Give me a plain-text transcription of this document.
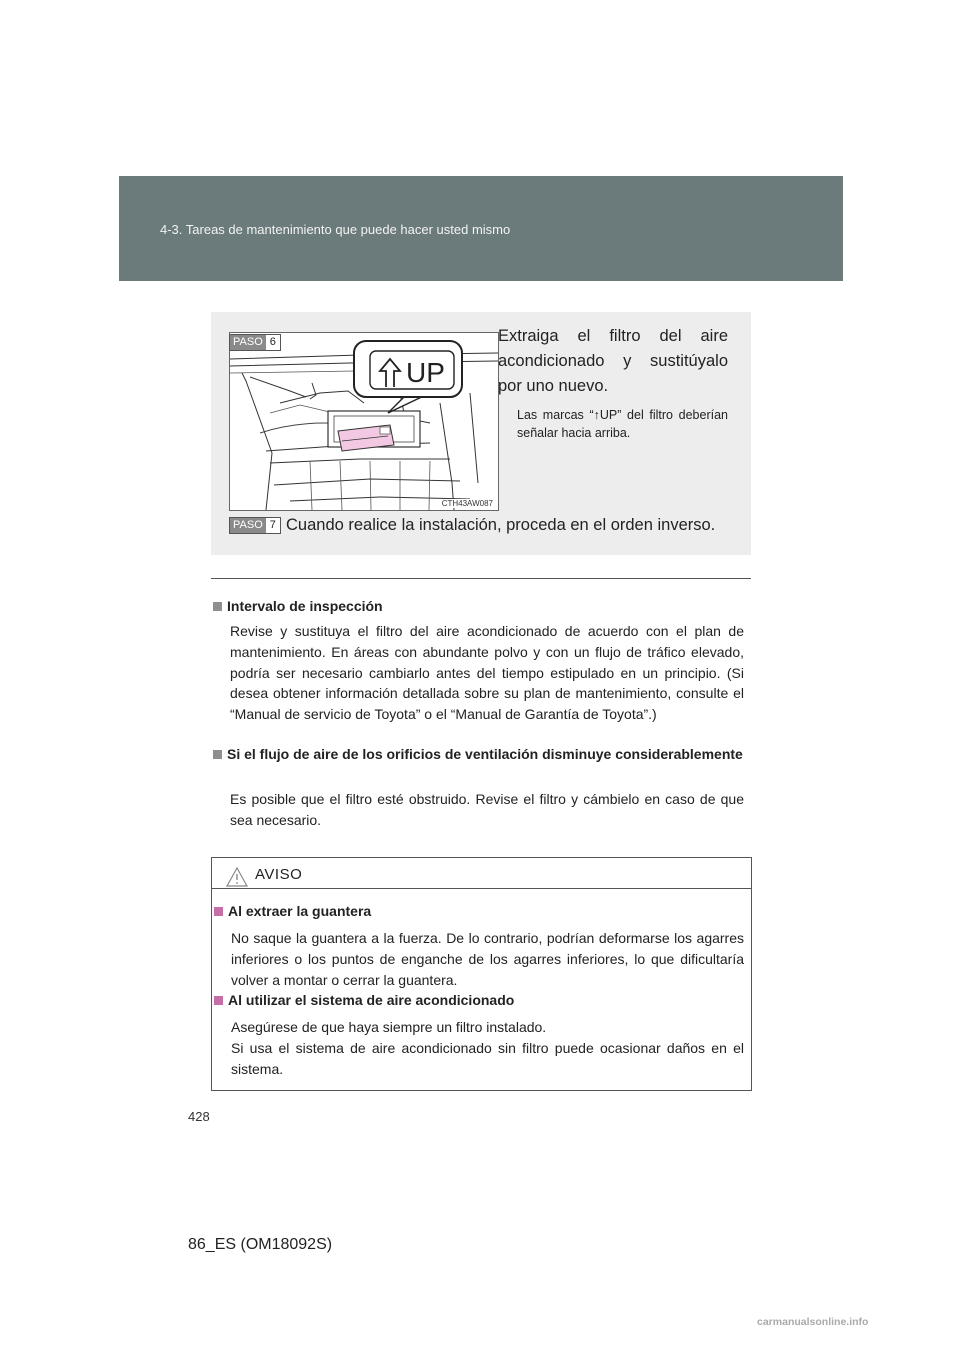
4-3. Tareas de mantenimiento que puede hacer usted mismo
UP
CTH43AW087
PASO 6	Extraiga el filtro del aire acondicionado y sustitúyalo por uno nuevo.
Las marcas “↑UP” del filtro deberían señalar hacia arriba.
PASO 7 Cuando realice la instalación, proceda en el orden inverso.
Intervalo de inspección
Revise y sustituya el filtro del aire acondicionado de acuerdo con el plan de mantenimiento. En áreas con abundante polvo y con un flujo de tráfico elevado, podría ser necesario cambiarlo antes del tiempo estipulado en un principio. (Si desea obtener información detallada sobre su plan de mantenimiento, consulte el “Manual de servicio de Toyota” o el “Manual de Garantía de Toyota”.)
Si el flujo de aire de los orificios de ventilación disminuye considerablemente
Es posible que el filtro esté obstruido. Revise el filtro y cámbielo en caso de que sea necesario.
AVISO
Al extraer la guantera
No saque la guantera a la fuerza. De lo contrario, podrían deformarse los agarres inferiores o los puntos de enganche de los agarres inferiores, lo que dificultaría volver a montar o cerrar la guantera.
Al utilizar el sistema de aire acondicionado
Asegúrese de que haya siempre un filtro instalado.
Si usa el sistema de aire acondicionado sin filtro puede ocasionar daños en el sistema.
428
86_ES (OM18092S)
carmanualsonline.info
